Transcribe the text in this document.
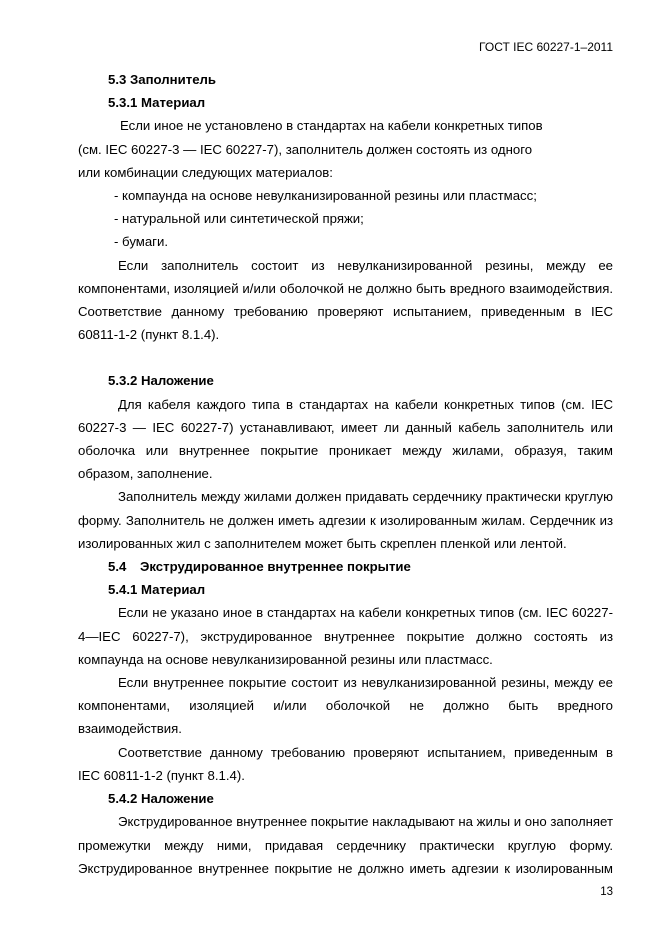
ГОСТ IEC 60227-1–2011
5.3 Заполнитель
5.3.1 Материал
Если иное не установлено в стандартах на кабели конкретных типов
(см. IEC 60227-3 — IEC 60227-7), заполнитель должен состоять из одного
или комбинации следующих материалов:
- компаунда на основе невулканизированной резины или пластмасс;
- натуральной или синтетической пряжи;
- бумаги.
Если заполнитель состоит из невулканизированной резины, между ее
компонентами, изоляцией и/или оболочкой не должно быть вредного взаимодействия.
Соответствие данному требованию проверяют испытанием, приведенным в IEC
60811-1-2 (пункт 8.1.4).
5.3.2 Наложение
Для кабеля каждого типа в стандартах на кабели конкретных типов (см. IEC
60227-3 — IEC 60227-7) устанавливают, имеет ли данный кабель заполнитель или
оболочка или внутреннее покрытие проникает между жилами, образуя, таким
образом, заполнение.
Заполнитель между жилами должен придавать сердечнику практически круглую
форму. Заполнитель не должен иметь адгезии к изолированным жилам. Сердечник из
изолированных жил с заполнителем может быть скреплен пленкой или лентой.
5.4 Экструдированное внутреннее покрытие
5.4.1 Материал
Если не указано иное в стандартах на кабели конкретных типов (см. IEC 60227-
4—IEC 60227-7), экструдированное внутреннее покрытие должно состоять из
компаунда на основе невулканизированной резины или пластмасс.
Если внутреннее покрытие состоит из невулканизированной резины, между ее
компонентами, изоляцией и/или оболочкой не должно быть вредного
взаимодействия.
Соответствие данному требованию проверяют испытанием, приведенным в
IEC 60811-1-2 (пункт 8.1.4).
5.4.2 Наложение
Экструдированное внутреннее покрытие накладывают на жилы и оно заполняет
промежутки между ними, придавая сердечнику практически круглую форму.
Экструдированное внутреннее покрытие не должно иметь адгезии к изолированным
13
